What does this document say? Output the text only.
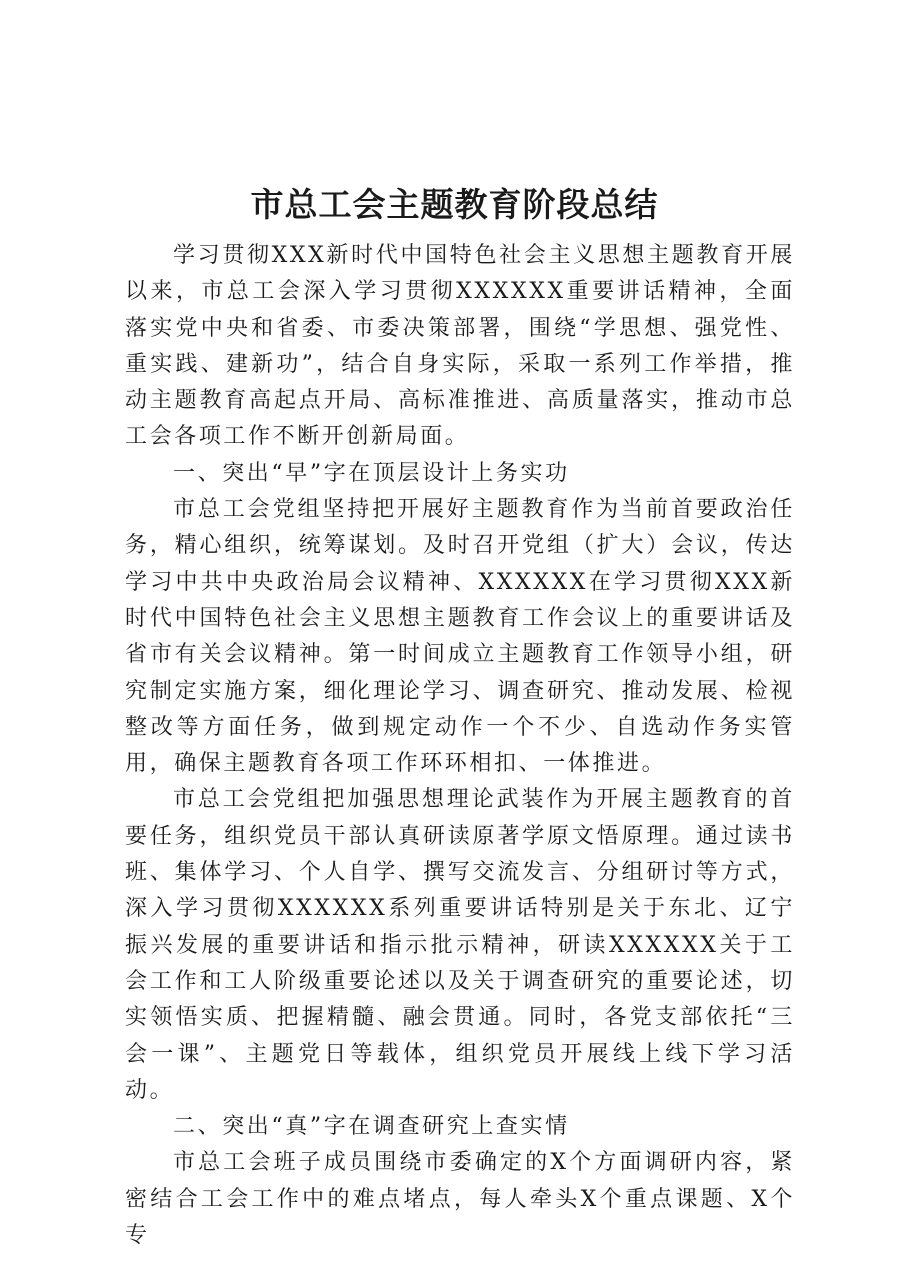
市总工会主题教育阶段总结

学习贯彻XXX新时代中国特色社会主义思想主题教育开展以来，市总工会深入学习贯彻XXXXXX重要讲话精神，全面落实党中央和省委、市委决策部署，围绕“学思想、强党性、重实践、建新功”，结合自身实际，采取一系列工作举措，推动主题教育高起点开局、高标准推进、高质量落实，推动市总工会各项工作不断开创新局面。

一、突出“早”字在顶层设计上务实功

市总工会党组坚持把开展好主题教育作为当前首要政治任务，精心组织，统筹谋划。及时召开党组（扩大）会议，传达学习中共中央政治局会议精神、XXXXXX在学习贯彻XXX新时代中国特色社会主义思想主题教育工作会议上的重要讲话及省市有关会议精神。第一时间成立主题教育工作领导小组，研究制定实施方案，细化理论学习、调查研究、推动发展、检视整改等方面任务，做到规定动作一个不少、自选动作务实管用，确保主题教育各项工作环环相扣、一体推进。

市总工会党组把加强思想理论武装作为开展主题教育的首要任务，组织党员干部认真研读原著学原文悟原理。通过读书班、集体学习、个人自学、撰写交流发言、分组研讨等方式，深入学习贯彻XXXXXX系列重要讲话特别是关于东北、辽宁振兴发展的重要讲话和指示批示精神，研读XXXXXX关于工会工作和工人阶级重要论述以及关于调查研究的重要论述，切实领悟实质、把握精髓、融会贯通。同时，各党支部依托“三会一课”、主题党日等载体，组织党员开展线上线下学习活动。

二、突出“真”字在调查研究上查实情

市总工会班子成员围绕市委确定的X个方面调研内容，紧密结合工会工作中的难点堵点，每人牵头X个重点课题、X个专
